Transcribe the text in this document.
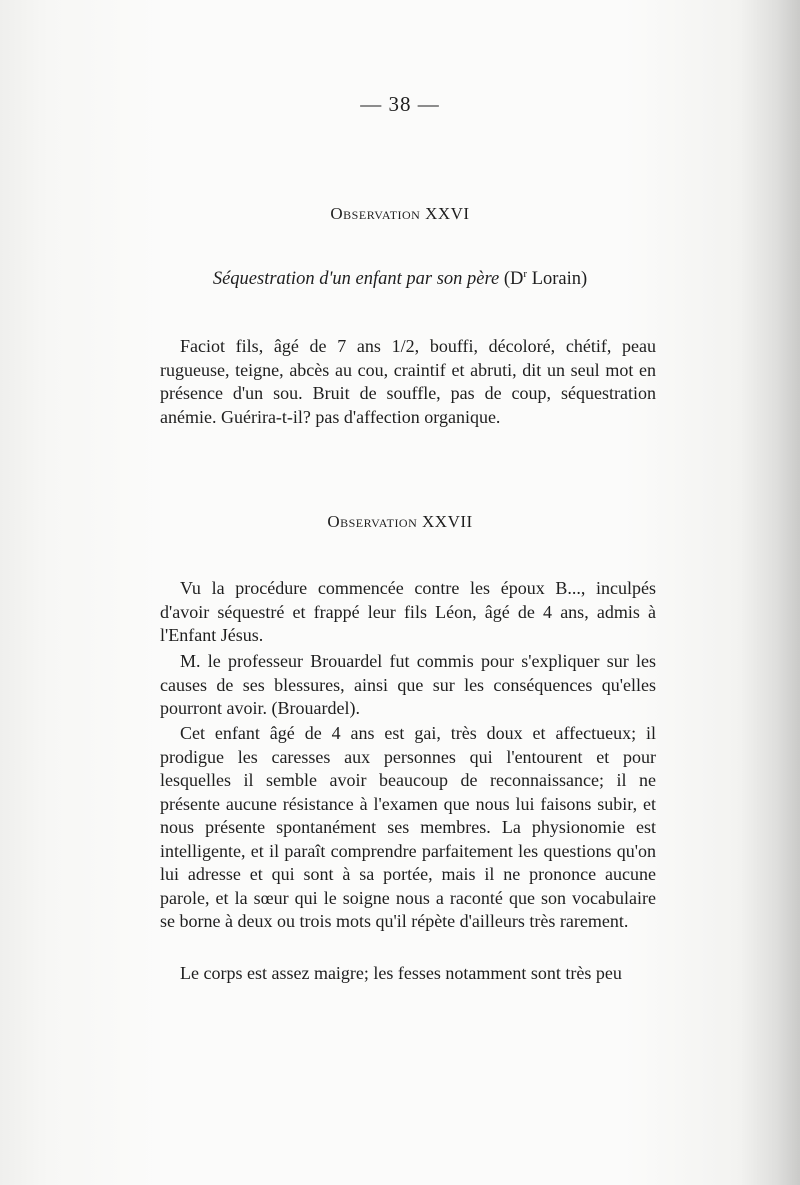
— 38 —
Observation XXVI
Séquestration d'un enfant par son père ($D^r$ Lorain)

Faciot fils, âgé de 7 ans 1/2, bouffi, décoloré, chétif, peau rugueuse, teigne, abcès au cou, craintif et abruti, dit un seul mot en présence d'un sou. Bruit de souffle, pas de coup, séquestration anémie. Guérira-t-il? pas d'affection organique.

Observation XXVII

Vu la procédure commencée contre les époux B..., inculpés d'avoir séquestré et frappé leur fils Léon, âgé de 4 ans, admis à l'Enfant Jésus.

M. le professeur Brouardel fut commis pour s'expliquer sur les causes de ses blessures, ainsi que sur les conséquences qu'elles pourront avoir. (Brouardel).

Cet enfant âgé de 4 ans est gai, très doux et affectueux; il prodigue les caresses aux personnes qui l'entourent et pour lesquelles il semble avoir beaucoup de reconnaissance; il ne présente aucune résistance à l'examen que nous lui faisons subir, et nous présente spontanément ses membres. La physionomie est intelligente, et il paraît comprendre parfaitement les questions qu'on lui adresse et qui sont à sa portée, mais il ne prononce aucune parole, et la sœur qui le soigne nous a raconté que son vocabulaire se borne à deux ou trois mots qu'il répète d'ailleurs très rarement.

Le corps est assez maigre; les fesses notamment sont très peu
